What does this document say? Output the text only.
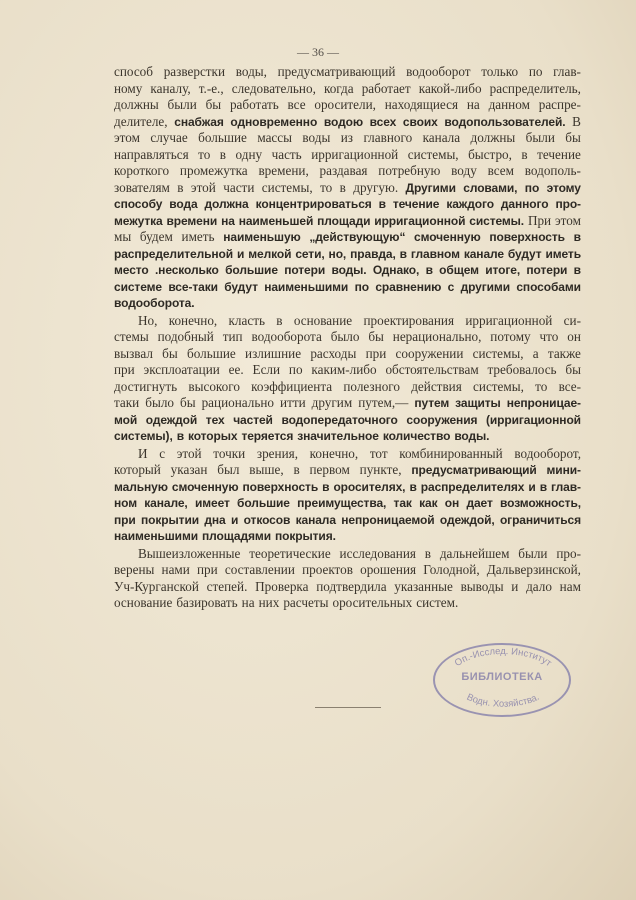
— 36 —
способ разверстки воды, предусматривающий водооборот только по глав-
ному каналу, т.-е., следовательно, когда работает какой-либо распределитель,
должны были бы работать все оросители, находящиеся на данном распре-
делителе, снабжая одновременно водою всех своих водопользователей. В
этом случае большие массы воды из главного канала должны были бы
направляться то в одну часть ирригационной системы, быстро, в течение
короткого промежутка времени, раздавая потребную воду всем водополь-
зователям в этой части системы, то в другую. Другими словами, по этому
способу вода должна концентрироваться в течение каждого данного про-
межутка времени на наименьшей площади ирригационной системы. При этом
мы будем иметь наименьшую „действующую“ смоченную поверхность в
распределительной и мелкой сети, но, правда, в главном канале будут иметь
место .несколько большие потери воды. Однако, в общем итоге, потери в
системе все-таки будут наименьшими по сравнению с другими способами
водооборота.
Но, конечно, класть в основание проектирования ирригационной си-
стемы подобный тип водооборота было бы нерационально, потому что он
вызвал бы большие излишние расходы при сооружении системы, а также
при эксплоатации ее. Если по каким-либо обстоятельствам требовалось бы
достигнуть высокого коэффициента полезного действия системы, то все-
таки было бы рационально итти другим путем,— путем защиты непроницае-
мой одеждой тех частей водопередаточного сооружения (ирригационной
системы), в которых теряется значительное количество воды.
И с этой точки зрения, конечно, тот комбинированный водооборот,
который указан был выше, в первом пункте, предусматривающий мини-
мальную смоченную поверхность в оросителях, в распределителях и в глав-
ном канале, имеет большие преимущества, так как он дает возможность,
при покрытии дна и откосов канала непроницаемой одеждой, ограничиться
наименьшими площадями покрытия.
Вышеизложенные теоретические исследования в дальнейшем были про-
верены нами при составлении проектов орошения Голодной, Дальверзинской,
Уч-Курганской степей. Проверка подтвердила указанные выводы и дало нам
основание базировать на них расчеты оросительных систем.
Оп.-Исслед. Институт
Водн. Хозяйства.
БИБЛИОТЕКА
